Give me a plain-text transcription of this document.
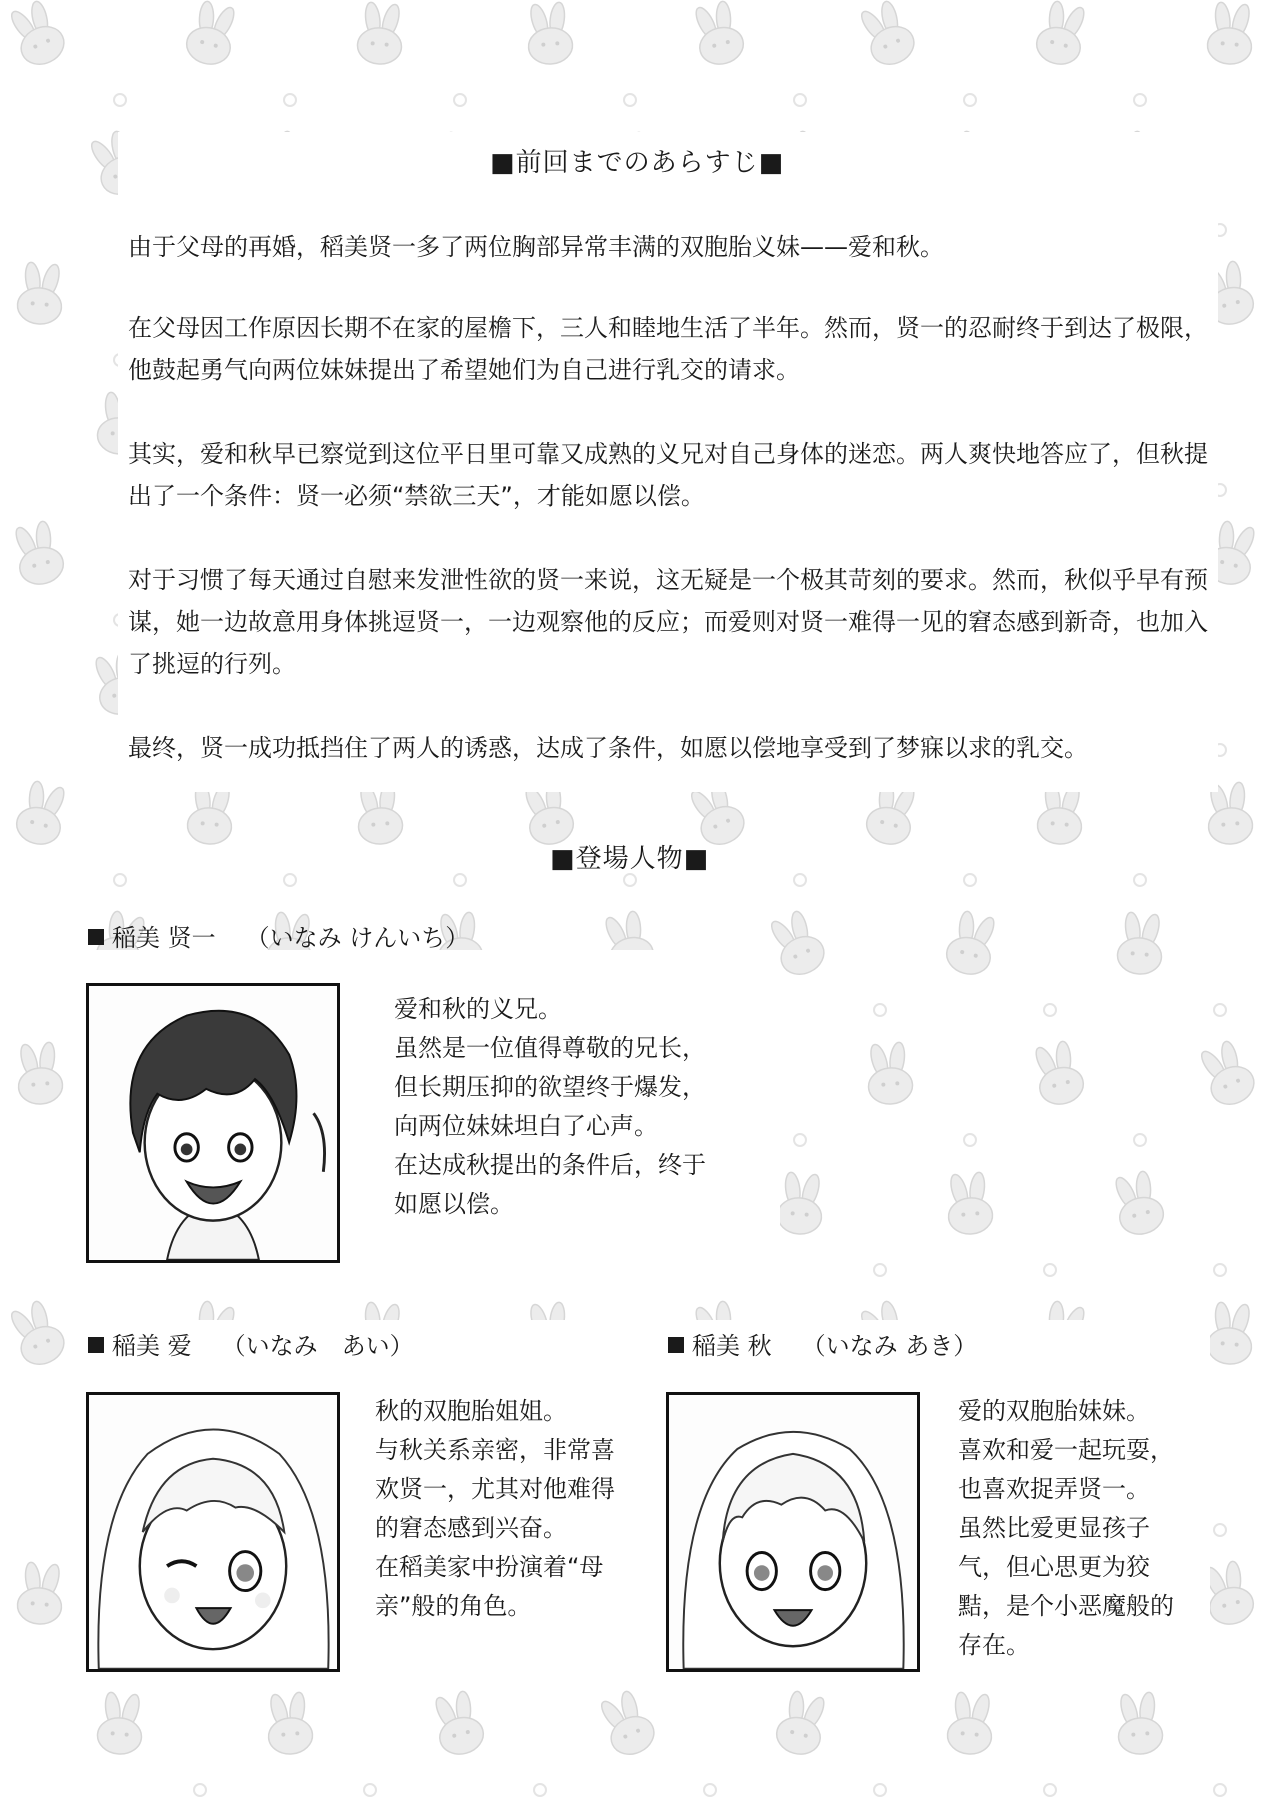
■前回までのあらすじ■

由于父母的再婚，稻美贤一多了两位胸部异常丰满的双胞胎义妹——爱和秋。

在父母因工作原因长期不在家的屋檐下，三人和睦地生活了半年。然而，贤一的忍耐终于到达了极限，他鼓起勇气向两位妹妹提出了希望她们为自己进行乳交的请求。

其实，爱和秋早已察觉到这位平日里可靠又成熟的义兄对自己身体的迷恋。两人爽快地答应了，但秋提出了一个条件：贤一必须“禁欲三天”，才能如愿以偿。

对于习惯了每天通过自慰来发泄性欲的贤一来说，这无疑是一个极其苛刻的要求。然而，秋似乎早有预谋，她一边故意用身体挑逗贤一，一边观察他的反应；而爱则对贤一难得一见的窘态感到新奇，也加入了挑逗的行列。

最终，贤一成功抵挡住了两人的诱惑，达成了条件，如愿以偿地享受到了梦寐以求的乳交。

■登場人物■
稲美 贤一 （いなみ けんいち）
爱和秋的义兄。
虽然是一位值得尊敬的兄长，
但长期压抑的欲望终于爆发，
向两位妹妹坦白了心声。
在达成秋提出的条件后，终于
如愿以偿。
稲美 爱 （いなみ　あい）
秋的双胞胎姐姐。
与秋关系亲密，非常喜
欢贤一，尤其对他难得
的窘态感到兴奋。
在稻美家中扮演着“母
亲”般的角色。
稲美 秋 （いなみ あき）
爱的双胞胎妹妹。
喜欢和爱一起玩耍，
也喜欢捉弄贤一。
虽然比爱更显孩子
气，但心思更为狡
黠，是个小恶魔般的
存在。
